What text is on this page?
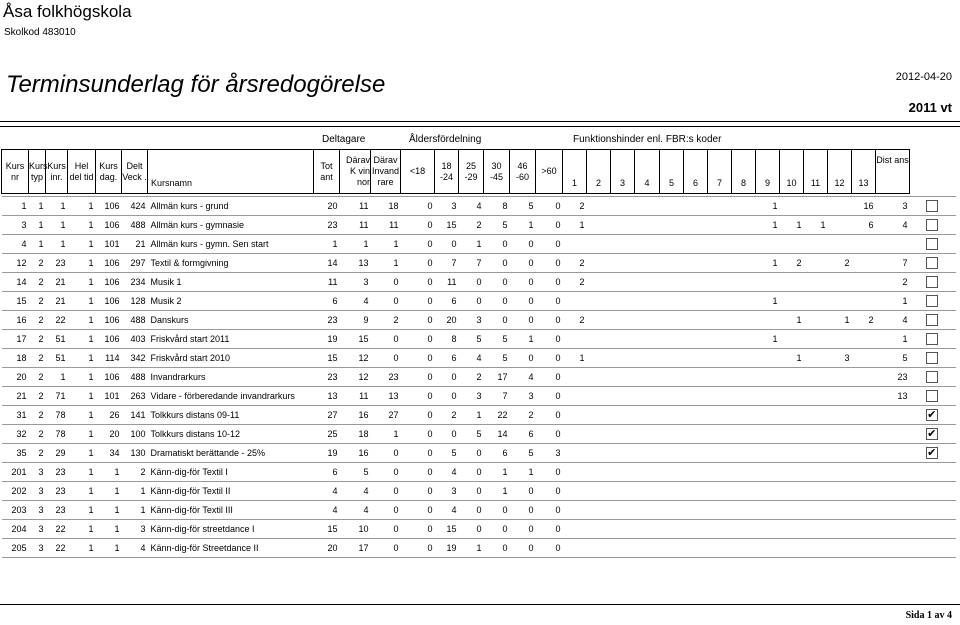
Åsa folkhögskola
Skolkod 483010
Terminsunderlag för årsredogörelse	2012-04-20
2011 vt
Deltagare	Åldersfördelning	Funktionshinder enl. FBR:s koder
Kurs nr	Kurs typ	Kurs inr.	Hel del tid	Kurs dag.	Delt Veck .	Kursnamn	Tot ant	Därav K vin nor	Därav Invand rare	<18	18 -24	25 -29	30 -45	46 -60	>60	1	2	3	4	5	6	7	8	9	10	11	12	13	Dist ans	

1	1	1	1	106	424	Allmän kurs - grund	20	11	18	0	3	4	8	5	0	2								1				16	3	
3	1	1	1	106	488	Allmän kurs - gymnasie	23	11	11	0	15	2	5	1	0	1								1	1	1		6	4	
4	1	1	1	101	21	Allmän kurs - gymn. Sen start	1	1	1	0	0	1	0	0	0															
12	2	23	1	106	297	Textil & formgivning	14	13	1	0	7	7	0	0	0	2								1	2		2		7	
14	2	21	1	106	234	Musik 1	11	3	0	0	11	0	0	0	0	2													2	
15	2	21	1	106	128	Musik 2	6	4	0	0	6	0	0	0	0									1					1	
16	2	22	1	106	488	Danskurs	23	9	2	0	20	3	0	0	0	2									1		1	2	4	
17	2	51	1	106	403	Friskvård start 2011	19	15	0	0	8	5	5	1	0									1					1	
18	2	51	1	114	342	Friskvård start 2010	15	12	0	0	6	4	5	0	0	1									1		3		5	
20	2	1	1	106	488	Invandrarkurs	23	12	23	0	0	2	17	4	0														23	
21	2	71	1	101	263	Vidare - förberedande invandrarkurs	13	11	13	0	0	3	7	3	0														13	
31	2	78	1	26	141	Tolkkurs distans 09-11	27	16	27	0	2	1	22	2	0															✔
32	2	78	1	20	100	Tolkkurs distans 10-12	25	18	1	0	0	5	14	6	0															✔
35	2	29	1	34	130	Dramatiskt berättande - 25%	19	16	0	0	5	0	6	5	3															✔
201	3	23	1	1	2	Känn-dig-för Textil I	6	5	0	0	4	0	1	1	0															
202	3	23	1	1	1	Känn-dig-för Textil II	4	4	0	0	3	0	1	0	0															
203	3	23	1	1	1	Känn-dig-för Textil III	4	4	0	0	4	0	0	0	0															
204	3	22	1	1	3	Känn-dig-för streetdance I	15	10	0	0	15	0	0	0	0															
205	3	22	1	1	4	Känn-dig-för Streetdance II	20	17	0	0	19	1	0	0	0															
Sida 1 av 4
